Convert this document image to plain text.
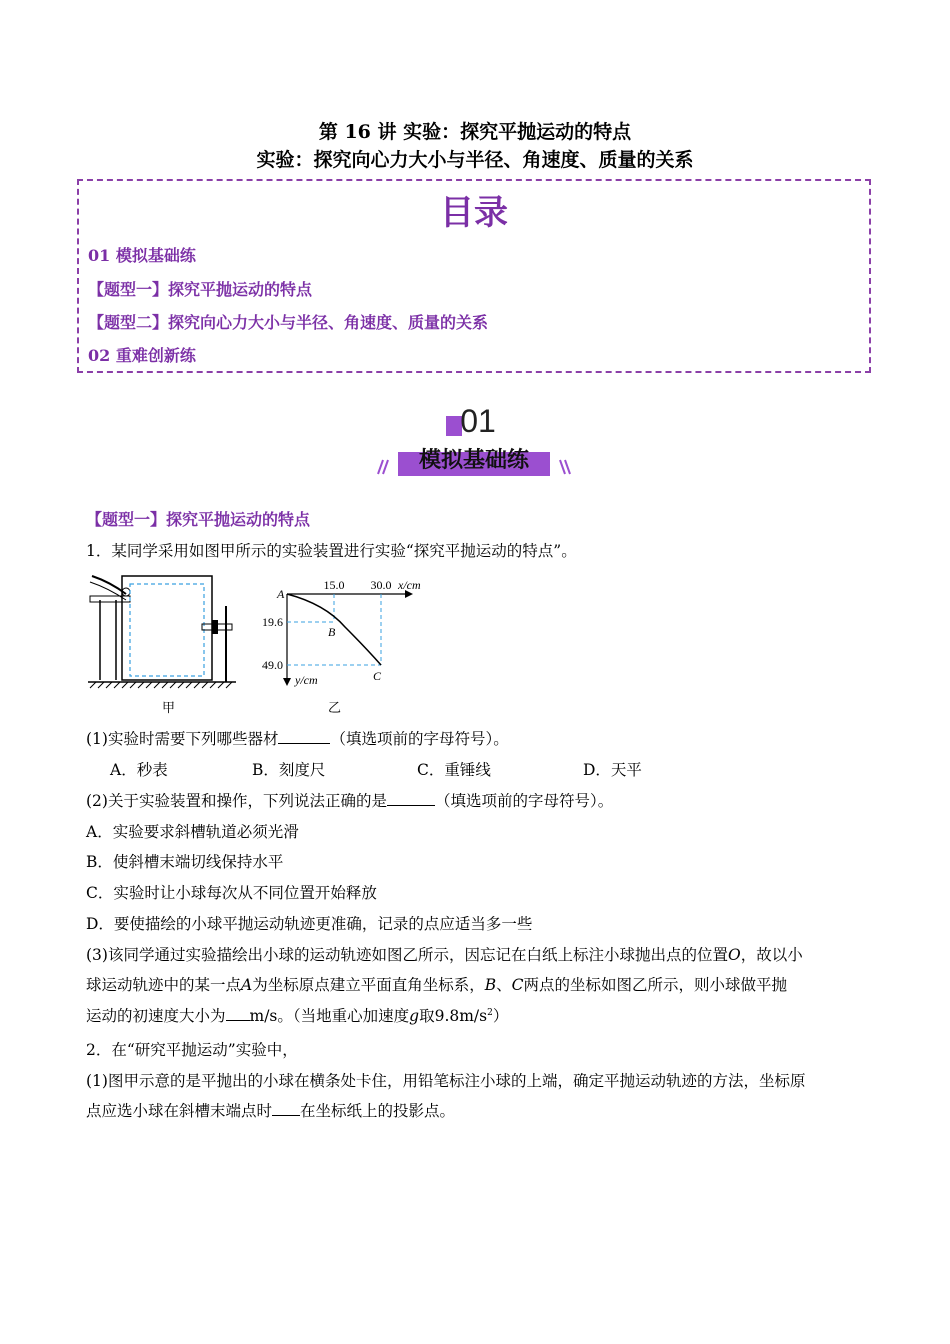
第 16 讲 实验：探究平抛运动的特点
实验：探究向心力大小与半径、角速度、质量的关系
目录
01 模拟基础练
【题型一】探究平抛运动的特点
【题型二】探究向心力大小与半径、角速度、质量的关系
02 重难创新练
01
模拟基础练
【题型一】探究平抛运动的特点
1．某同学采用如图甲所示的实验装置进行实验“探究平抛运动的特点”。
甲
15.0 30.0 x/cm
19.6
49.0
y/cm
A
B
C
乙
(1)实验时需要下列哪些器材	（填选项前的字母符号）。
A．秒表	B．刻度尺	C．重锤线	D．天平
(2)关于实验装置和操作，下列说法正确的是	（填选项前的字母符号）。
A．实验要求斜槽轨道必须光滑
B．使斜槽末端切线保持水平
C．实验时让小球每次从不同位置开始释放
D．要使描绘的小球平抛运动轨迹更准确，记录的点应适当多一些
(3)该同学通过实验描绘出小球的运动轨迹如图乙所示，因忘记在白纸上标注小球抛出点的位置O，故以小
球运动轨迹中的某一点A为坐标原点建立平面直角坐标系，B、C两点的坐标如图乙所示，则小球做平抛
运动的初速度大小为 m/s。（当地重心加速度g取$9.8m/s^2$）
2．在“研究平抛运动”实验中，
(1)图甲示意的是平抛出的小球在横条处卡住，用铅笔标注小球的上端，确定平抛运动轨迹的方法，坐标原
点应选小球在斜槽末端点时 在坐标纸上的投影点。
